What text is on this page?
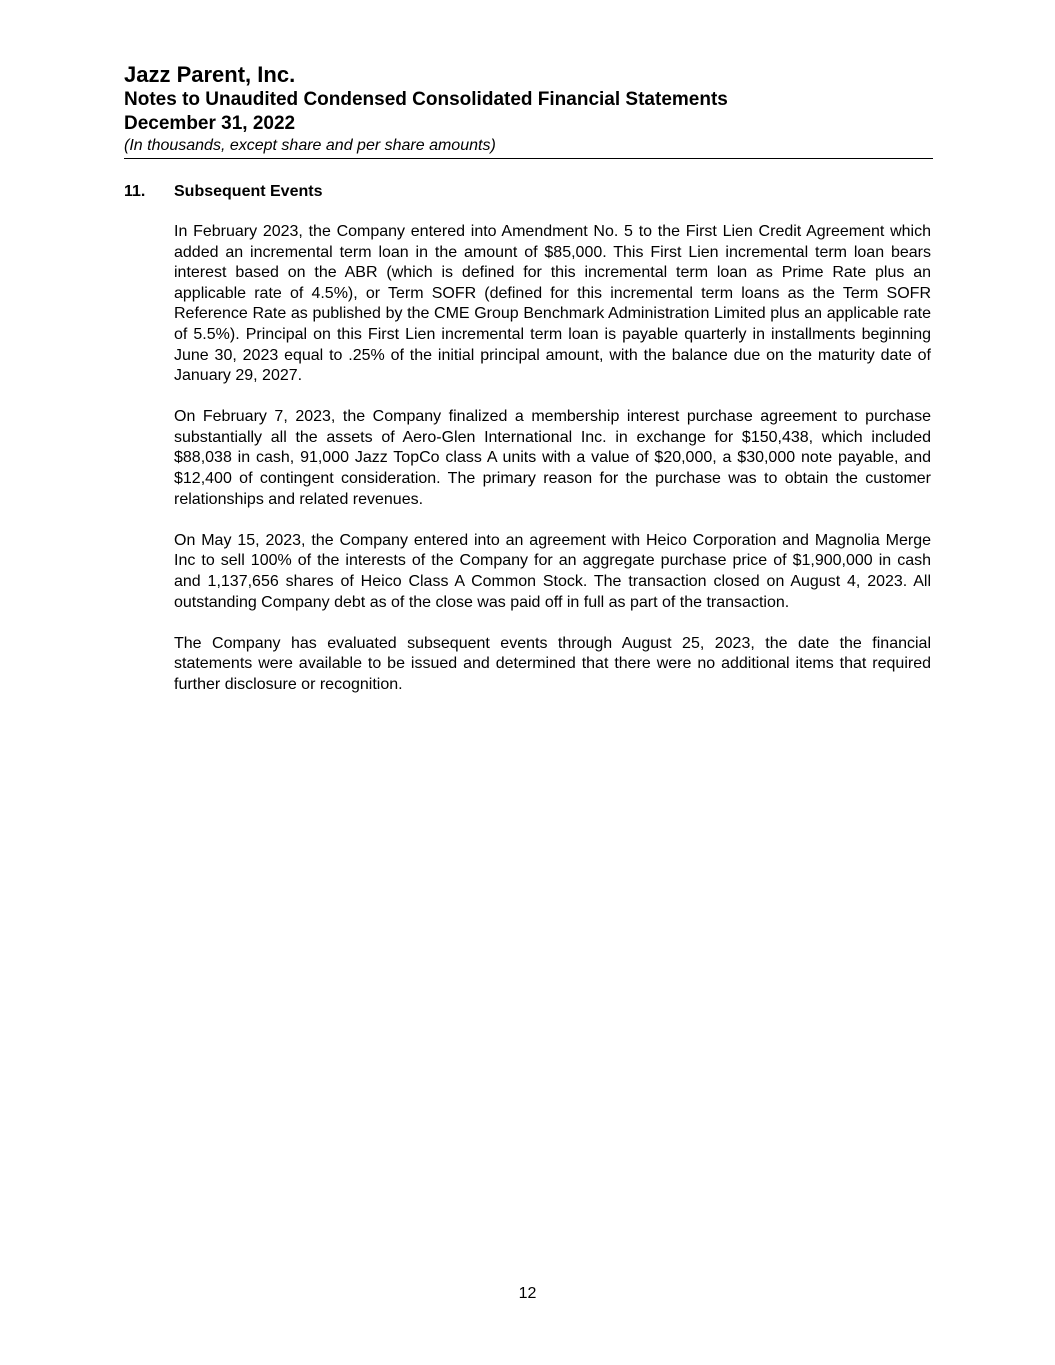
Jazz Parent, Inc.
Notes to Unaudited Condensed Consolidated Financial Statements
December 31, 2022
(In thousands, except share and per share amounts)
11.	Subsequent Events

In February 2023, the Company entered into Amendment No. 5 to the First Lien Credit Agreement which added an incremental term loan in the amount of $85,000. This First Lien incremental term loan bears interest based on the ABR (which is defined for this incremental term loan as Prime Rate plus an applicable rate of 4.5%), or Term SOFR (defined for this incremental term loans as the Term SOFR Reference Rate as published by the CME Group Benchmark Administration Limited plus an applicable rate of 5.5%). Principal on this First Lien incremental term loan is payable quarterly in installments beginning June 30, 2023 equal to .25% of the initial principal amount, with the balance due on the maturity date of January 29, 2027.

On February 7, 2023, the Company finalized a membership interest purchase agreement to purchase substantially all the assets of Aero-Glen International Inc. in exchange for $150,438, which included $88,038 in cash, 91,000 Jazz TopCo class A units with a value of $20,000, a $30,000 note payable, and $12,400 of contingent consideration. The primary reason for the purchase was to obtain the customer relationships and related revenues.

On May 15, 2023, the Company entered into an agreement with Heico Corporation and Magnolia Merge Inc to sell 100% of the interests of the Company for an aggregate purchase price of $1,900,000 in cash and 1,137,656 shares of Heico Class A Common Stock. The transaction closed on August 4, 2023. All outstanding Company debt as of the close was paid off in full as part of the transaction.

The Company has evaluated subsequent events through August 25, 2023, the date the financial statements were available to be issued and determined that there were no additional items that required further disclosure or recognition.

12
